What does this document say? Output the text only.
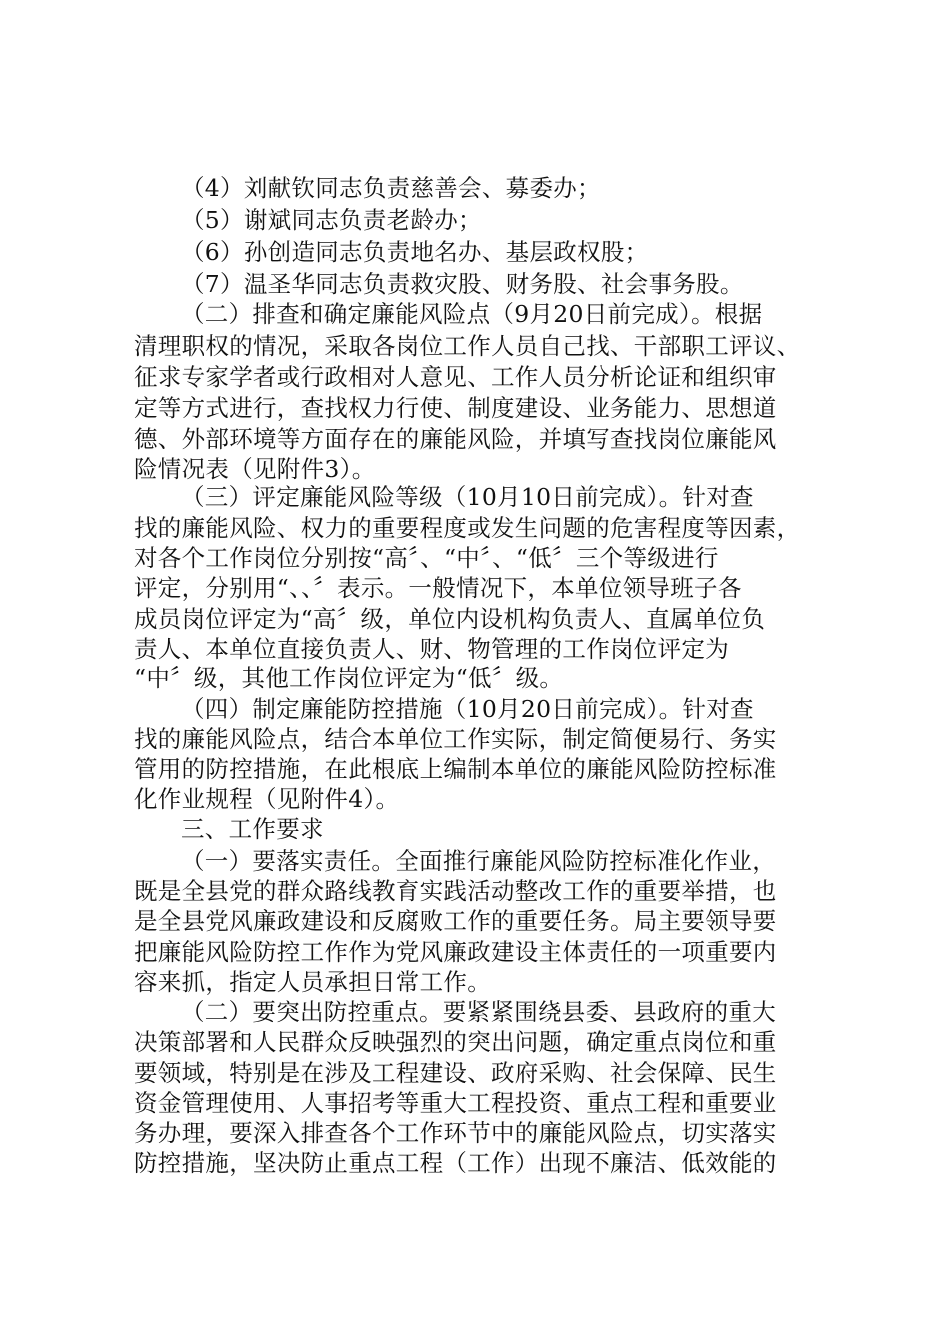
（4）刘献钦同志负责慈善会、募委办；
（5）谢斌同志负责老龄办；
（6）孙创造同志负责地名办、基层政权股；
（7）温圣华同志负责救灾股、财务股、社会事务股。
（二）排查和确定廉能风险点（9月20日前完成）。根据
清理职权的情况，采取各岗位工作人员自己找、干部职工评议、
征求专家学者或行政相对人意见、工作人员分析论证和组织审
定等方式进行，查找权力行使、制度建设、业务能力、思想道
德、外部环境等方面存在的廉能风险，并填写查找岗位廉能风
险情况表（见附件3）。
（三）评定廉能风险等级（10月10日前完成）。针对查
找的廉能风险、权力的重要程度或发生问题的危害程度等因素，
对各个工作岗位分别按“高〞、“中〞、“低〞三个等级进行
评定，分别用“、、〞表示。一般情况下，本单位领导班子各
成员岗位评定为“高〞级，单位内设机构负责人、直属单位负
责人、本单位直接负责人、财、物管理的工作岗位评定为
“中〞级，其他工作岗位评定为“低〞级。
（四）制定廉能防控措施（10月20日前完成）。针对查
找的廉能风险点，结合本单位工作实际，制定简便易行、务实
管用的防控措施，在此根底上编制本单位的廉能风险防控标准
化作业规程（见附件4）。
三、工作要求
（一）要落实责任。全面推行廉能风险防控标准化作业，
既是全县党的群众路线教育实践活动整改工作的重要举措，也
是全县党风廉政建设和反腐败工作的重要任务。局主要领导要
把廉能风险防控工作作为党风廉政建设主体责任的一项重要内
容来抓，指定人员承担日常工作。
（二）要突出防控重点。要紧紧围绕县委、县政府的重大
决策部署和人民群众反映强烈的突出问题，确定重点岗位和重
要领域，特别是在涉及工程建设、政府采购、社会保障、民生
资金管理使用、人事招考等重大工程投资、重点工程和重要业
务办理，要深入排查各个工作环节中的廉能风险点，切实落实
防控措施，坚决防止重点工程（工作）出现不廉洁、低效能的
